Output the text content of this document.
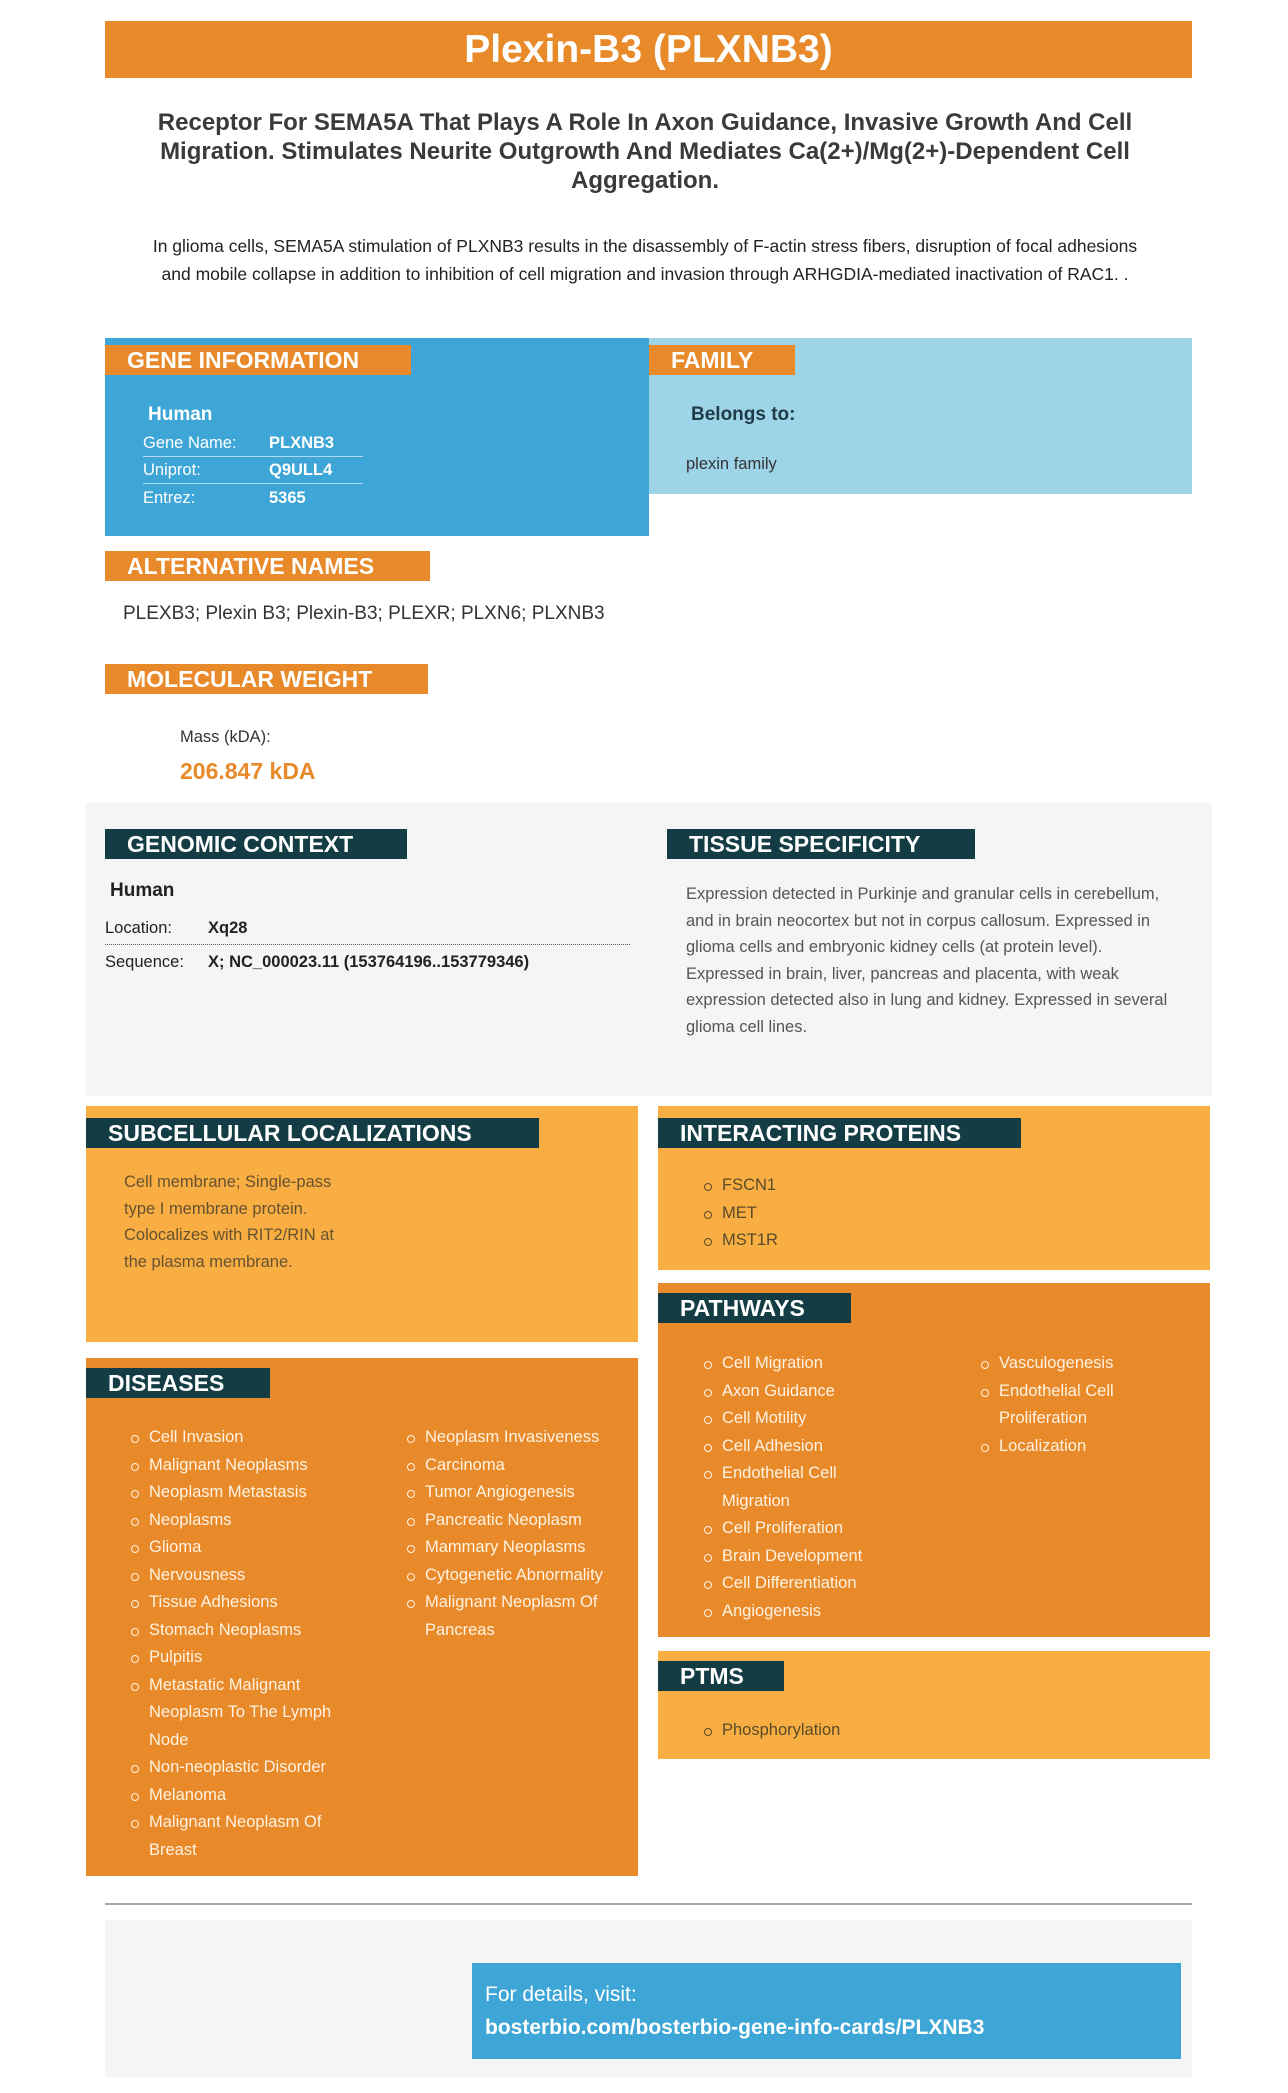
Plexin-B3 (PLXNB3)
Receptor For SEMA5A That Plays A Role In Axon Guidance, Invasive Growth And Cell Migration. Stimulates Neurite Outgrowth And Mediates Ca(2+)/Mg(2+)-Dependent Cell Aggregation.
In glioma cells, SEMA5A stimulation of PLXNB3 results in the disassembly of F-actin stress fibers, disruption of focal adhesions and mobile collapse in addition to inhibition of cell migration and invasion through ARHGDIA-mediated inactivation of RAC1. .
GENE INFORMATION
Human
Gene Name: PLXNB3
Uniprot:	Q9ULL4
Entrez:	5365
FAMILY
Belongs to:
plexin family
ALTERNATIVE NAMES
PLEXB3; Plexin B3; Plexin-B3; PLEXR; PLXN6; PLXNB3
MOLECULAR WEIGHT
Mass (kDA):
206.847 kDA
GENOMIC CONTEXT
Human
Location: Xq28
Sequence: X; NC_000023.11 (153764196..153779346)
TISSUE SPECIFICITY
Expression detected in Purkinje and granular cells in cerebellum, and in brain neocortex but not in corpus callosum. Expressed in glioma cells and embryonic kidney cells (at protein level). Expressed in brain, liver, pancreas and placenta, with weak expression detected also in lung and kidney. Expressed in several glioma cell lines.
SUBCELLULAR LOCALIZATIONS
Cell membrane; Single-pass type I membrane protein. Colocalizes with RIT2/RIN at the plasma membrane.
INTERACTING PROTEINS
FSCN1
MET
MST1R
DISEASES
Cell Invasion
Malignant Neoplasms
Neoplasm Metastasis
Neoplasms
Glioma
Nervousness
Tissue Adhesions
Stomach Neoplasms
Pulpitis
Metastatic Malignant Neoplasm To The Lymph Node
Non-neoplastic Disorder
Melanoma
Malignant Neoplasm Of Breast
Neoplasm Invasiveness
Carcinoma
Tumor Angiogenesis
Pancreatic Neoplasm
Mammary Neoplasms
Cytogenetic Abnormality
Malignant Neoplasm Of Pancreas
PATHWAYS
Cell Migration
Axon Guidance
Cell Motility
Cell Adhesion
Endothelial Cell Migration
Cell Proliferation
Brain Development
Cell Differentiation
Angiogenesis
Vasculogenesis
Endothelial Cell Proliferation
Localization
PTMS
Phosphorylation
For details, visit:
bosterbio.com/bosterbio-gene-info-cards/PLXNB3
